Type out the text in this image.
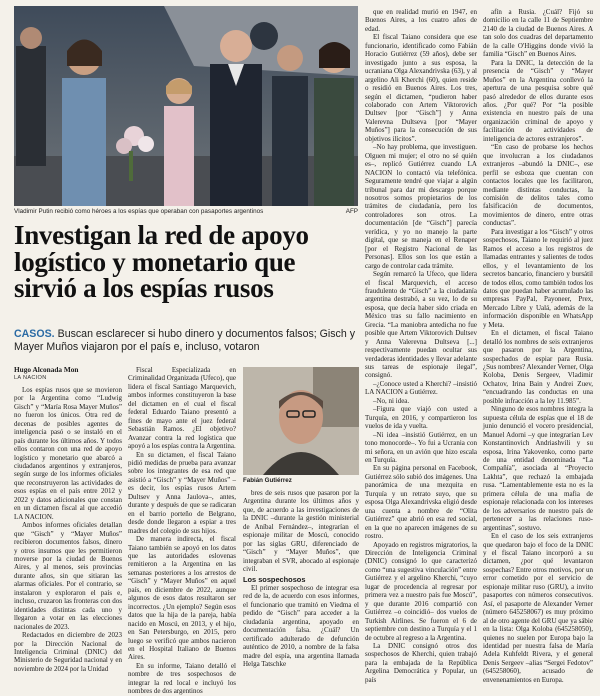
Vladimir Putin recibió como héroes a los espías que operaban con pasaportes argentinos	AFP
Investigan la red de apoyo logístico y monetario que sirvió a los espías rusos

CASOS. Buscan esclarecer si hubo dinero y documentos falsos; Gisch y Mayer Muños viajaron por el país e, incluso, votaron

Hugo Alconada Mon

LA NACION

Los espías rusos que se movieron por la Argentina como “Ludwig Gisch” y “María Rosa Mayer Muños” no fueron los únicos. Otra red de decenas de posibles agentes de inteligencia pasó o se instaló en el país durante los últimos años. Y todos ellos contaron con una red de apoyo logístico y monetario que abarcó a ciudadanos argentinos y extranjeros, según surge de los informes oficiales que reconstruyeron las actividades de esos espías en el país entre 2012 y 2022 y datos adicionales que constan en un dictamen fiscal al que accedió LA NACION.

Ambos informes oficiales detallan que “Gisch” y “Mayer Muños” recibieron documentos falsos, dinero y otros insumos que les permitieron moverse por la ciudad de Buenos Aires, y al menos, seis provincias durante años, sin que sitiaran las alarmas oficiales. Por el contrario, se instalaron y exploraron el país e, incluso, cruzaron las fronteras con dos identidades distintas cada uno y llegaron a votar en las elecciones nacionales de 2023.

Redactados en diciembre de 2023 por la Dirección Nacional de Inteligencia Criminal (DNIC) del Ministerio de Seguridad nacional y en noviembre de 2024 por la Unidad

Fiscal Especializada en Criminalidad Organizada (Ufeco), que lidera el fiscal Santiago Marquevich, ambos informes constituyeron la base del dictamen en el cual el fiscal federal Eduardo Taiano presentó a fines de mayo ante el juez federal Sebastián Ramos. ¿El objetivo? Avanzar contra la red logística que apoyó a los espías contra la Argentina.

En su dictamen, el fiscal Taiano pidió medidas de prueba para avanzar sobre los integrantes de esa red que asistió a “Gisch” y “Mayer Muños” –es decir, los espías rusos Artem Dultsev y Anna Jaulova–, antes, durante y después de que se radicaran en el barrio porteño de Belgrano, desde donde llegaron a espiar a tres madres del colegio de sus hijos.

De manera indirecta, el fiscal Taiano también se apoyó en los datos que las autoridades eslovenas remitieron a la Argentina en las semanas posteriores a los arrestos de “Gisch” y “Mayer Muños” en aquel país, en diciembre de 2022, aunque algunos de esos datos resultaron ser incorrectos. ¿Un ejemplo? Según esos datos que la hija de la pareja, había nacido en Moscú, en 2013, y el hijo, en San Petersburgo, en 2015, pero luego se verificó que ambos nacieron en el Hospital Italiano de Buenos Aires.

En su informe, Taiano detalló el nombre de tres sospechosos de integrar la red local e incluyó los nombres de dos argentinos

Fabián Gutiérrez

bres de seis rusos que pasaron por la Argentina durante los últimos años y que, de acuerdo a las investigaciones de la DNIC –durante la gestión ministerial de Aníbal Fernández–, integrarían el espionaje militar de Moscú, conocido por las siglas GRU, diferenciado de “Gisch” y “Mayer Muños”, que integraban el SVR, abocado al espionaje civil.

Los sospechosos

El primer sospechoso de integrar esa red de la, de acuerdo con esos informes, el funcionario que tramitó en Viedma el pedido de “Gisch” para acceder a la ciudadanía argentina, apoyado en documentación falsa. ¿Cuál? Un certificado adulterado de defunción auténtico de 2010, a nombre de la falsa madre del espía, una argentina llamada Helga Tatschke

que en realidad murió en 1947, en Buenos Aires, a los cuatro años de edad.

El fiscal Taiano considera que ese funcionario, identificado como Fabián Horacio Gutiérrez (59 años), debe ser investigado junto a sus esposa, la ucraniana Olga Alexandrivska (63), y al argelino Ali Kherchi (60), quien reside o residió en Buenos Aires. Los tres, según el dictamen, “pudieron haber colaborado con Artem Viktorovich Dultsev [por “Gisch”] y Anna Valerevna Dultseva [por “Mayer Muños”] para la consecución de sus objetivos ilícitos”.

–No hay problema, que investiguen. Olguen mi mujer; el otro no sé quién es–, replicó Gutiérrez cuando LA NACION lo contactó vía telefónica. Seguramente tendré que viajar a algún tribunal para dar mi descargo porque nosotros somos propietarios de los trámites de ciudadanía, pero los controladores son otros. La documentación [de “Gisch”] parecía verídica, y yo no manejo la parte digital, que se maneja en el Renaper [por el Registro Nacional de las Personas]. Ellos son los que están a cargo de controlar cada trámite.

Según remarcó la Ufeco, que lidera el fiscal Marquevich, el acceso fraudulento de “Gisch” a la ciudadanía argentina destrabó, a su vez, lo de su esposa, que decía haber sido criada en México tras su fallo nacimiento en Grecia. “La maniobra antedicha no fue posible que Artem Viktorovich Dultsev y Anna Valerevna Dultseva [...] respectivamente puedan ocultar sus verdaderas identidades y llevar adelante sus tareas de espionaje ilegal”, consignó.

–¿Conoce usted a Kherchi? –insistió LA NACION a Gutiérrez.

–No, ni idea.

–Figura que viajó con usted a Turquía, en 2016, y compartieron los vuelos de ida y vuelta.

–Ni idea –insistió Gutiérrez, en un tono monocorde–. Yo fui a Ucrania con mi señora, en un avión que hizo escala en Turquía.

En su página personal en Facebook, Gutiérrez sólo subió dos imágenes. Una panorámica de una mezquita en Turquía y un retrato suyo, que su esposa Olga Alexandrivska eligió desde una cuenta a nombre de “Olita Gutiérrez” que abrió en esa red social, en la que no aparecen imágenes de su rostro.

Apoyado en registros migratorios, la Dirección de Inteligencia Criminal (DNIC) consignó lo que caracterizó como “una sugestiva vinculación” entre Gutiérrez y el argelino Kherchi, “cuyo lugar de procedencia al regresar por primera vez a nuestro país fue Moscú”, y que durante 2016 compartió con Gutiérrez –o coincidió– dos vuelos de Turkish Airlines. Se fueron el 6 de septiembre con destino a Turquía y el 1 de octubre al regreso a la Argentina.

La DNIC consignó otros dos sospechosos de Kherchi, quien trabajó para la embajada de la República Argelina Democrática y Popular, un país

afín a Rusia. ¿Cuál? Fijó su domicilio en la calle 11 de Septiembre 2140 de la ciudad de Buenos Aires. A tan solo dos cuadras del departamento de la calle O'Higgins donde vivió la familia “Gisch” en Buenos Aires.

Para la DNIC, la detección de la presencia de “Gisch” y “Mayer Muños” en la Argentina conllevó la apertura de una pesquisa sobre qué pasó alrededor de ellos durante esos años. ¿Por qué? Por “la posible existencia en nuestro país de una organización criminal de apoyo y facilitación de actividades de inteligencia de actores extranjeros”.

“En caso de probarse los hechos que involucran a los ciudadanos extranjeros –abundó la DNIC–, ese perfil se esboza que cuentan con contactos locales que les facilitaron, mediante distintas conductas, la comisión de delitos tales como falsificación de documentos, movimientos de dinero, entre otras conductas”.

Para investigar a los “Gisch” y otros sospechosos, Taiano le requirió al juez Ramos el acceso a los registros de llamadas entrantes y salientes de todos ellos, y el levantamiento de los secretos bancario, financiero y bursátil de todos ellos, como también todos los datos que puedan haber acumulado las empresas PayPal, Payoneer, Prex, Mercado Libre y Ualá, además de la información disponible en WhatsApp y Meta.

En el dictamen, el fiscal Taiano detalló los nombres de seis extranjeros que pasaron por la Argentina, sospechados de espiar para Rusia. ¿Sus nombres? Alexander Verner, Olga Koloba, Denis Sergeev, Vladimir Ochatov, Irina Bain y Andrei Zuev, “encuadrando las conductas en una posible infracción a la ley 11.985”.

Ninguno de esos nombres integra la supuesta célula de espías que el 18 de junio denunció el vocero presidencial, Manuel Adorni –y que integrarían Lev Konstantinovich Andriashvili y su esposa, Irina Yakovenko, como parte de una entidad denominada “La Compañía”, asociada al “Proyecto Lakhta”, que rechazó la embajada rusa. “Lamentablemente esta no es la primera célula de una mafia de espionaje relacionada con los intereses de los adversarios de nuestro país de pertenecer a las relaciones ruso-argentinas”, sostuvo.

En el caso de los seis extranjeros que quedaron bajo el foco de la DNIC y el fiscal Taiano incorporó a su dictamen, ¿por qué levantaron sospechas? Entre otros motivos, por un error cometido por el servicio de espionaje militar ruso (GRU), a invito pasaportes con números consecutivos. Así, el pasaporte de Alexander Verner (número 645258067) es muy próximo al de otro agente del GRU que ya sábie en la lista: Olga Koloba (645258050), quienes no suelen por Europa bajo la identidad per nuestra falsa de María Adela Kuhfeldt Rivera, y el general Denis Sergeev –alias “Sergei Fedotov” (645258060), acusado de envenenamientos en Europa.
